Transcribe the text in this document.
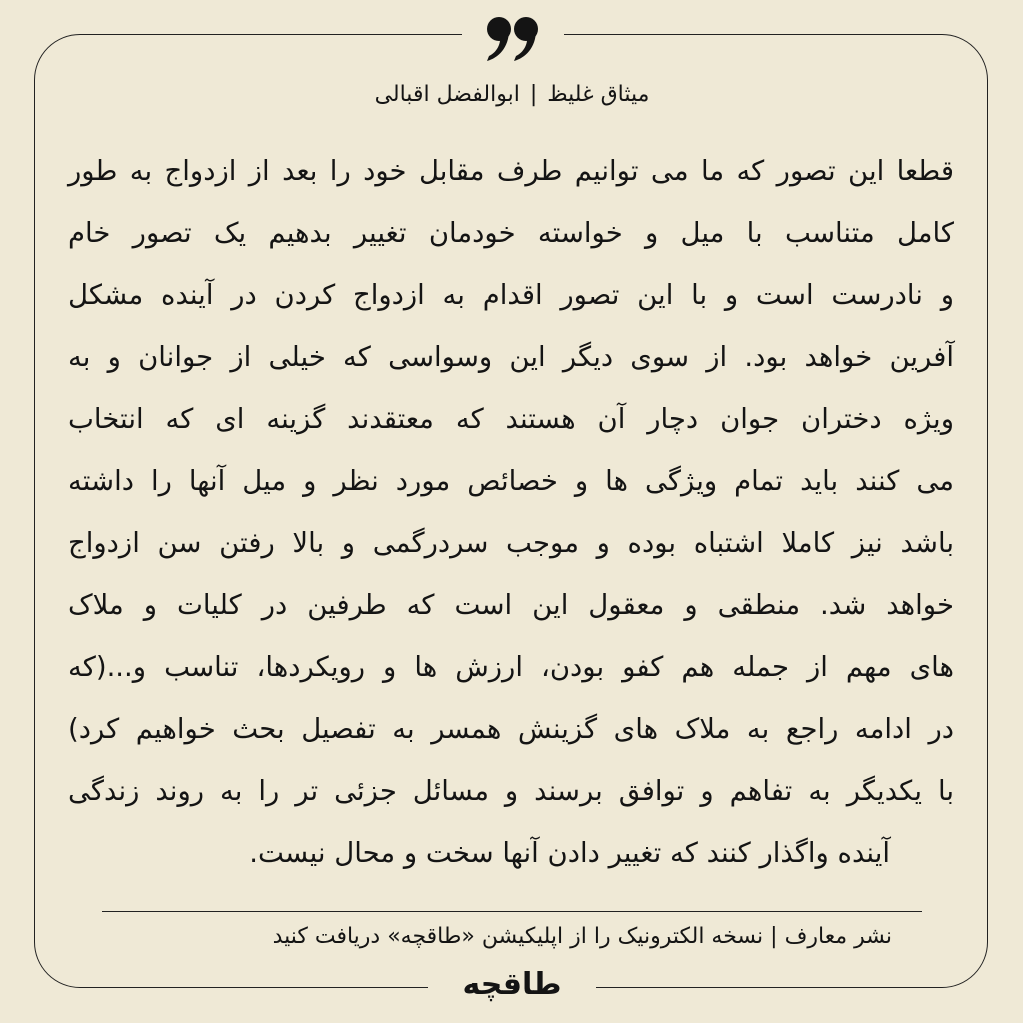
میثاق غلیظ|ابوالفضل اقبالی
قطعا این تصور که ما می توانیم طرف مقابل خود را بعد از ازدواج به طور
کامل متناسب با میل و خواسته خودمان تغییر بدهیم یک تصور خام
و نادرست است و با این تصور اقدام به ازدواج کردن در آینده مشکل
آفرین خواهد بود. از سوی دیگر این وسواسی که خیلی از جوانان و به
ویژه دختران جوان دچار آن هستند که معتقدند گزینه ای که انتخاب
می کنند باید تمام ویژگی ها و خصائص مورد نظر و میل آنها را داشته
باشد نیز کاملا اشتباه بوده و موجب سردرگمی و بالا رفتن سن ازدواج
خواهد شد. منطقی و معقول این است که طرفین در کلیات و ملاک
های مهم از جمله هم کفو بودن، ارزش ها و رویکردها، تناسب و...(که
در ادامه راجع به ملاک های گزینش همسر به تفصیل بحث خواهیم کرد)
با یکدیگر به تفاهم و توافق برسند و مسائل جزئی تر را به روند زندگی
آینده واگذار کنند که تغییر دادن آنها سخت و محال نیست.
نشر معارف | نسخه الکترونیک را از اپلیکیشن «طاقچه» دریافت کنید
طاقچه
